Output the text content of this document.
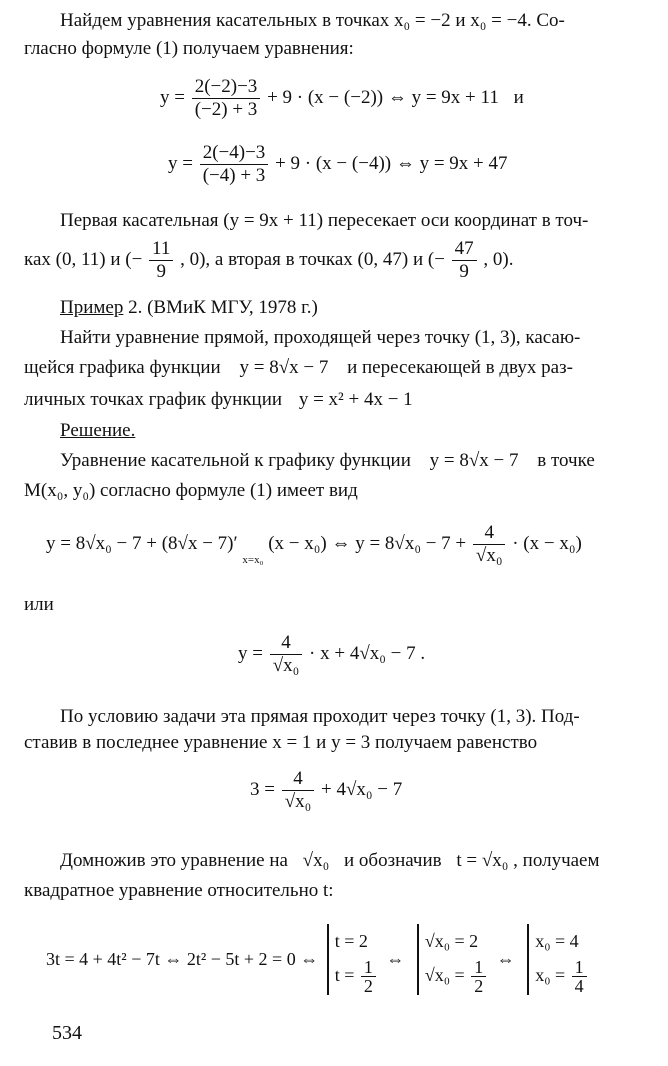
Найдем уравнения касательных в точках x₀ = −2 и x₀ = −4. Со-
гласно формуле (1) получаем уравнения:
$y = \frac{2(-2)-3}{(-2) + 3} + 9 \cdot (x - (-2))$ ⇔ y = 9x + 11 и
$y = \frac{2(-4)-3}{(-4) + 3} + 9 \cdot (x - (-4))$ ⇔ y = 9x + 47
Первая касательная (y = 9x + 11) пересекает оси координат в точ-
ках (0, 11) и (− $\frac{11}{9}$ , 0), а вторая в точках (0, 47) и (− $\frac{47}{9}$ , 0).
Пример 2. (ВМиК МГУ, 1978 г.)
Найти уравнение прямой, проходящей через точку (1, 3), касаю-
щейся графика функции y = 8√x − 7 и пересекающей в двух раз-
личных точках график функции y = x² + 4x − 1
Решение.
Уравнение касательной к графику функции y = 8√x − 7 в точке
M(x₀, y₀) согласно формуле (1) имеет вид
y = 8√x₀ − 7 + (8√x − 7)′ $_{x=x_0}$ (x − x₀) ⇔ $y = 8√x_0 - 7 + \frac{4}{\text{√x₀}} \cdot (x - x_0)$
или
$y = \frac{4}{\text{√x₀}} \cdot x + 4√x_0 - 7$ .
По условию задачи эта прямая проходит через точку (1, 3). Под-
ставив в последнее уравнение x = 1 и y = 3 получаем равенство
$3 = \frac{4}{\text{√x₀}} + 4√x_0 - 7$
Домножив это уравнение на √x₀ и обозначив t = √x₀ , получаем
квадратное уравнение относительно t:
3t = 4 + 4t² − 7t ⇔ 2t² − 5t + 2 = 0 ⇔
t = 2
$t = \frac{1}{2}$ ⇔
√x₀ = 2
$√x_0 = \frac{1}{2}$ ⇔
x₀ = 4
$x_0 = \frac{1}{4}$
534
